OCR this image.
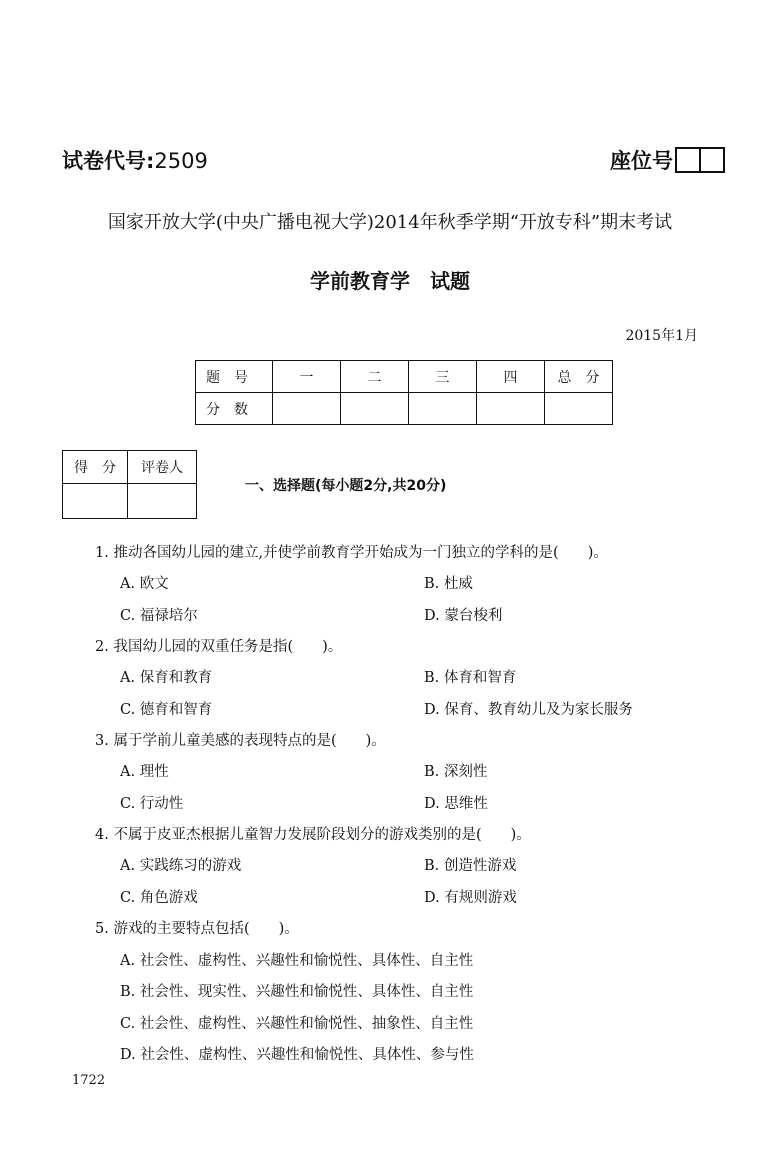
试卷代号:2509	座位号
国家开放大学(中央广播电视大学)2014年秋季学期“开放专科”期末考试
学前教育学　试题
2015年1月
题　号	一	二	三	四	总　分
分　数					
得　分	评卷人

一、选择题(每小题2分,共20分)
1. 推动各国幼儿园的建立,并使学前教育学开始成为一门独立的学科的是(　　)。
A. 欧文	B. 杜威
C. 福禄培尔	D. 蒙台梭利
2. 我国幼儿园的双重任务是指(　　)。
A. 保育和教育	B. 体育和智育
C. 德育和智育	D. 保育、教育幼儿及为家长服务
3. 属于学前儿童美感的表现特点的是(　　)。
A. 理性	B. 深刻性
C. 行动性	D. 思维性
4. 不属于皮亚杰根据儿童智力发展阶段划分的游戏类别的是(　　)。
A. 实践练习的游戏	B. 创造性游戏
C. 角色游戏	D. 有规则游戏
5. 游戏的主要特点包括(　　)。
A. 社会性、虚构性、兴趣性和愉悦性、具体性、自主性
B. 社会性、现实性、兴趣性和愉悦性、具体性、自主性
C. 社会性、虚构性、兴趣性和愉悦性、抽象性、自主性
D. 社会性、虚构性、兴趣性和愉悦性、具体性、参与性
1722
